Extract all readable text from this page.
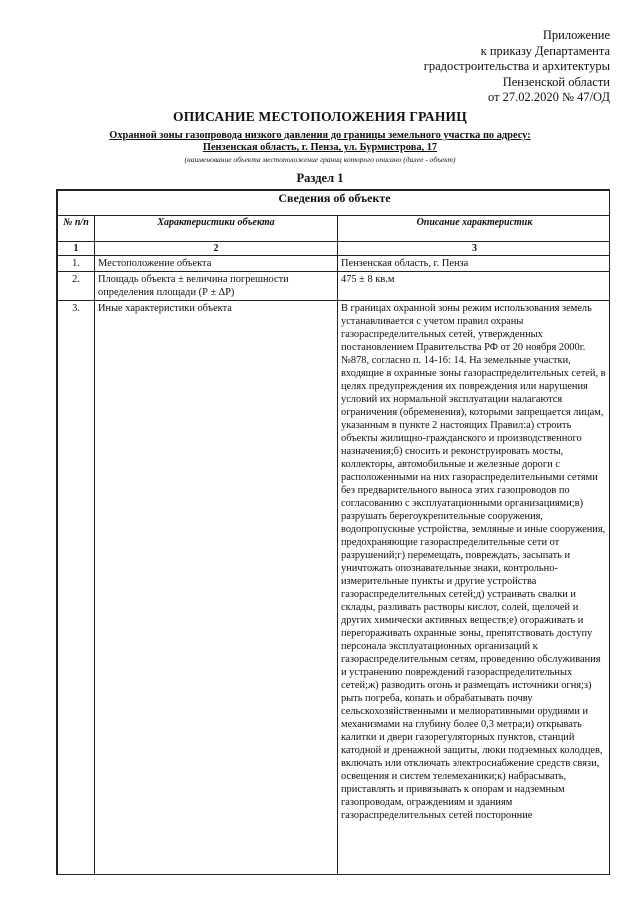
Приложение
к приказу Департамента
градостроительства и архитектуры
Пензенской области
от 27.02.2020 № 47/ОД
ОПИСАНИЕ МЕСТОПОЛОЖЕНИЯ ГРАНИЦ
Охранной зоны газопровода низкого давления до границы земельного участка по адресу:
Пензенская область, г. Пенза, ул. Бурмистрова, 17
(наименование объекта местоположение границ которого описано (далее - объект)
Раздел 1
Сведения об объекте		
№ п/п	Характеристики объекта	Описание характеристик
1	2	3
1.	Местоположение объекта	Пензенская область, г. Пенза
2.	Площадь объекта ± величина погрешности определения площади (Р ± ∆Р)	475 ± 8 кв.м
3.	Иные характеристики объекта	В границах охранной зоны режим использования земель устанавливается с учетом правил охраны газораспределительных сетей, утвержденных постановлением Правительства РФ от 20 ноября 2000г. №878, согласно п. 14-16: 14. На земельные участки, входящие в охранные зоны газораспределительных сетей, в целях предупреждения их повреждения или нарушения условий их нормальной эксплуатации налагаются ограничения (обременения), которыми запрещается лицам, указанным в пункте 2 настоящих Правил:а) строить объекты жилищно-гражданского и производственного назначения;б) сносить и реконструировать мосты, коллекторы, автомобильные и железные дороги с расположенными на них газораспределительными сетями без предварительного выноса этих газопроводов по согласованию с эксплуатационными организациями;в) разрушать берегоукрепительные сооружения, водопропускные устройства, земляные и иные сооружения, предохраняющие газораспределительные сети от разрушений;г) перемещать, повреждать, засыпать и уничтожать опознавательные знаки, контрольно-измерительные пункты и другие устройства газораспределительных сетей;д) устраивать свалки и склады, разливать растворы кислот, солей, щелочей и других химически активных веществ;е) огораживать и перегораживать охранные зоны, препятствовать доступу персонала эксплуатационных организаций к газораспределительным сетям, проведению обслуживания и устранению повреждений газораспределительных сетей;ж) разводить огонь и размещать источники огня;з) рыть погреба, копать и обрабатывать почву сельскохозяйственными и мелиоративными орудиями и механизмами на глубину более 0,3 метра;и) открывать калитки и двери газорегуляторных пунктов, станций катодной и дренажной защиты, люки подземных колодцев, включать или отключать электроснабжение средств связи, освещения и систем телемеханики;к) набрасывать, приставлять и привязывать к опорам и надземным газопроводам, ограждениям и зданиям газораспределительных сетей посторонние
